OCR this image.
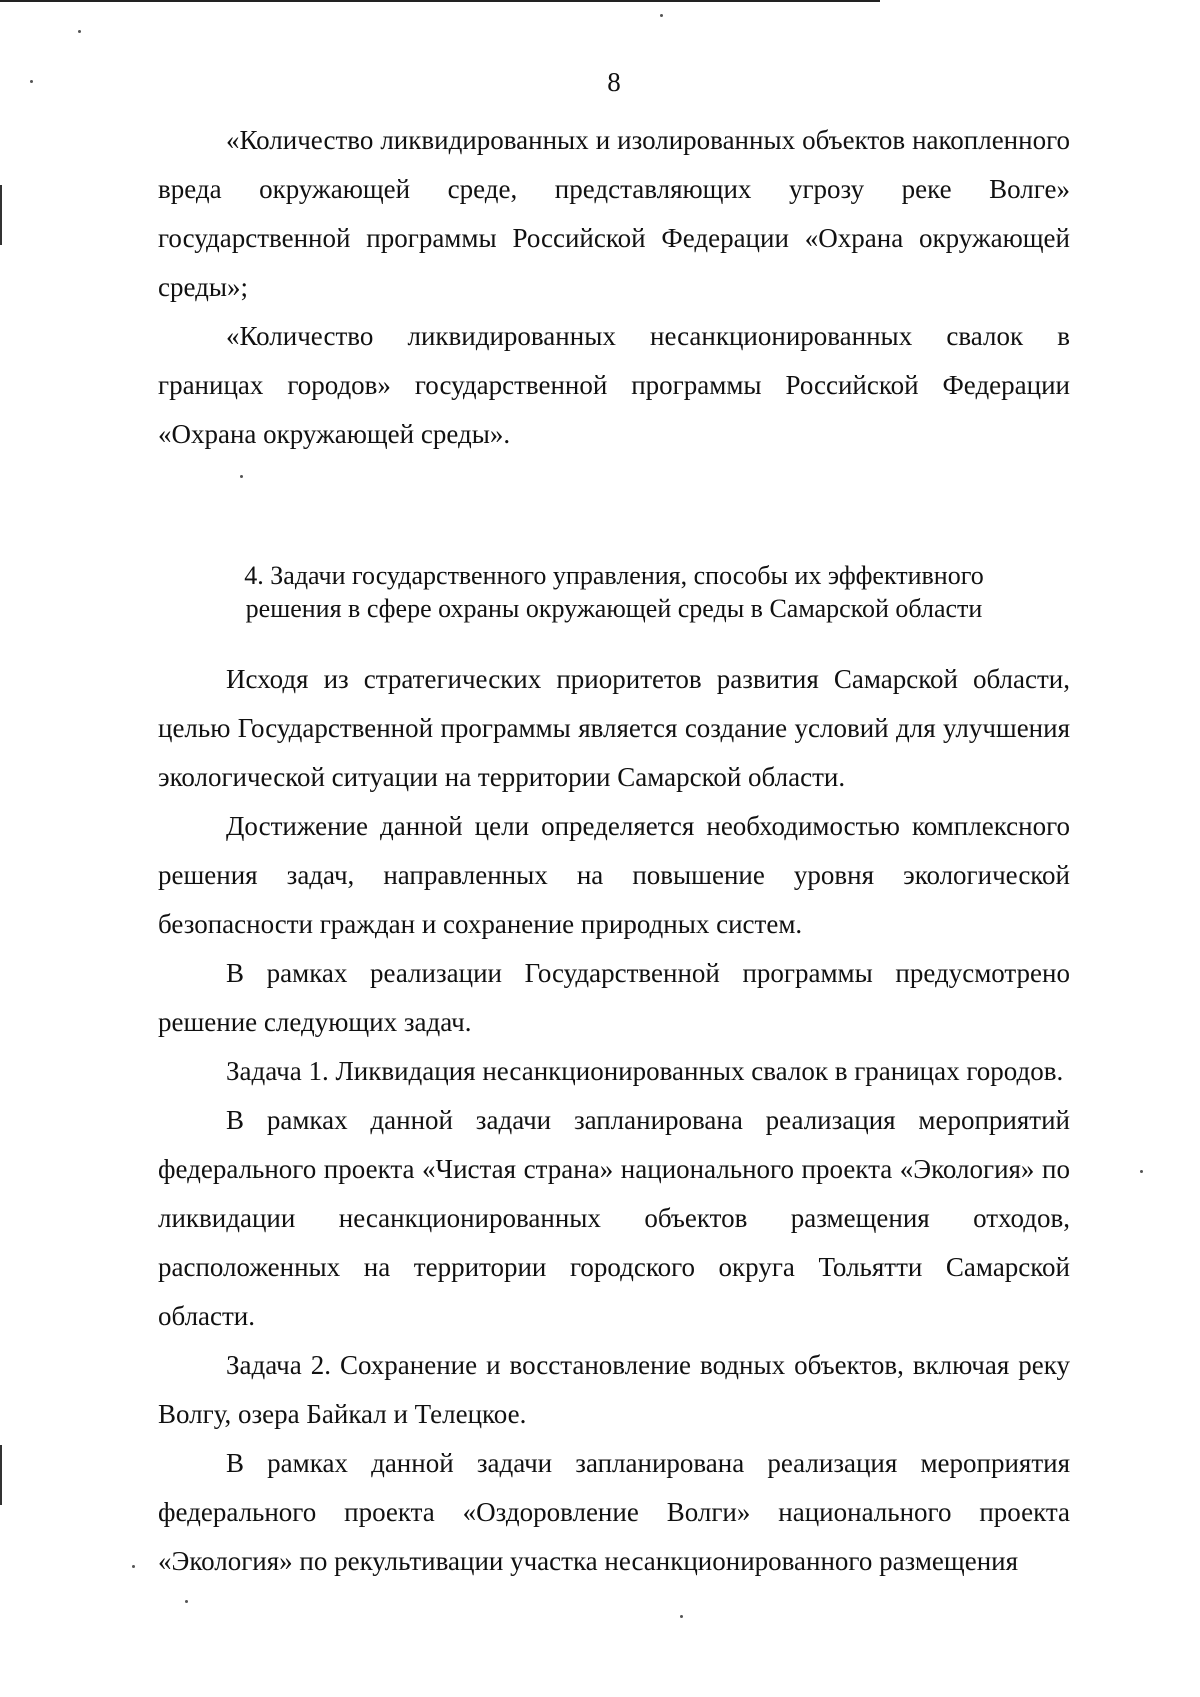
8

«Количество ликвидированных и изолированных объектов накопленного вреда окружающей среде, представляющих угрозу реке Волге» государственной программы Российской Федерации «Охрана окружающей среды»;

«Количество ликвидированных несанкционированных свалок в границах городов» государственной программы Российской Федерации «Охрана окружающей среды».

4. Задачи государственного управления, способы их эффективного решения в сфере охраны окружающей среды в Самарской области

Исходя из стратегических приоритетов развития Самарской области, целью Государственной программы является создание условий для улучшения экологической ситуации на территории Самарской области.

Достижение данной цели определяется необходимостью комплексного решения задач, направленных на повышение уровня экологической безопасности граждан и сохранение природных систем.

В рамках реализации Государственной программы предусмотрено решение следующих задач.

Задача 1. Ликвидация несанкционированных свалок в границах городов.

В рамках данной задачи запланирована реализация мероприятий федерального проекта «Чистая страна» национального проекта «Экология» по ликвидации несанкционированных объектов размещения отходов, расположенных на территории городского округа Тольятти Самарской области.

Задача 2. Сохранение и восстановление водных объектов, включая реку Волгу, озера Байкал и Телецкое.

В рамках данной задачи запланирована реализация мероприятия федерального проекта «Оздоровление Волги» национального проекта «Экология» по рекультивации участка несанкционированного размещения
